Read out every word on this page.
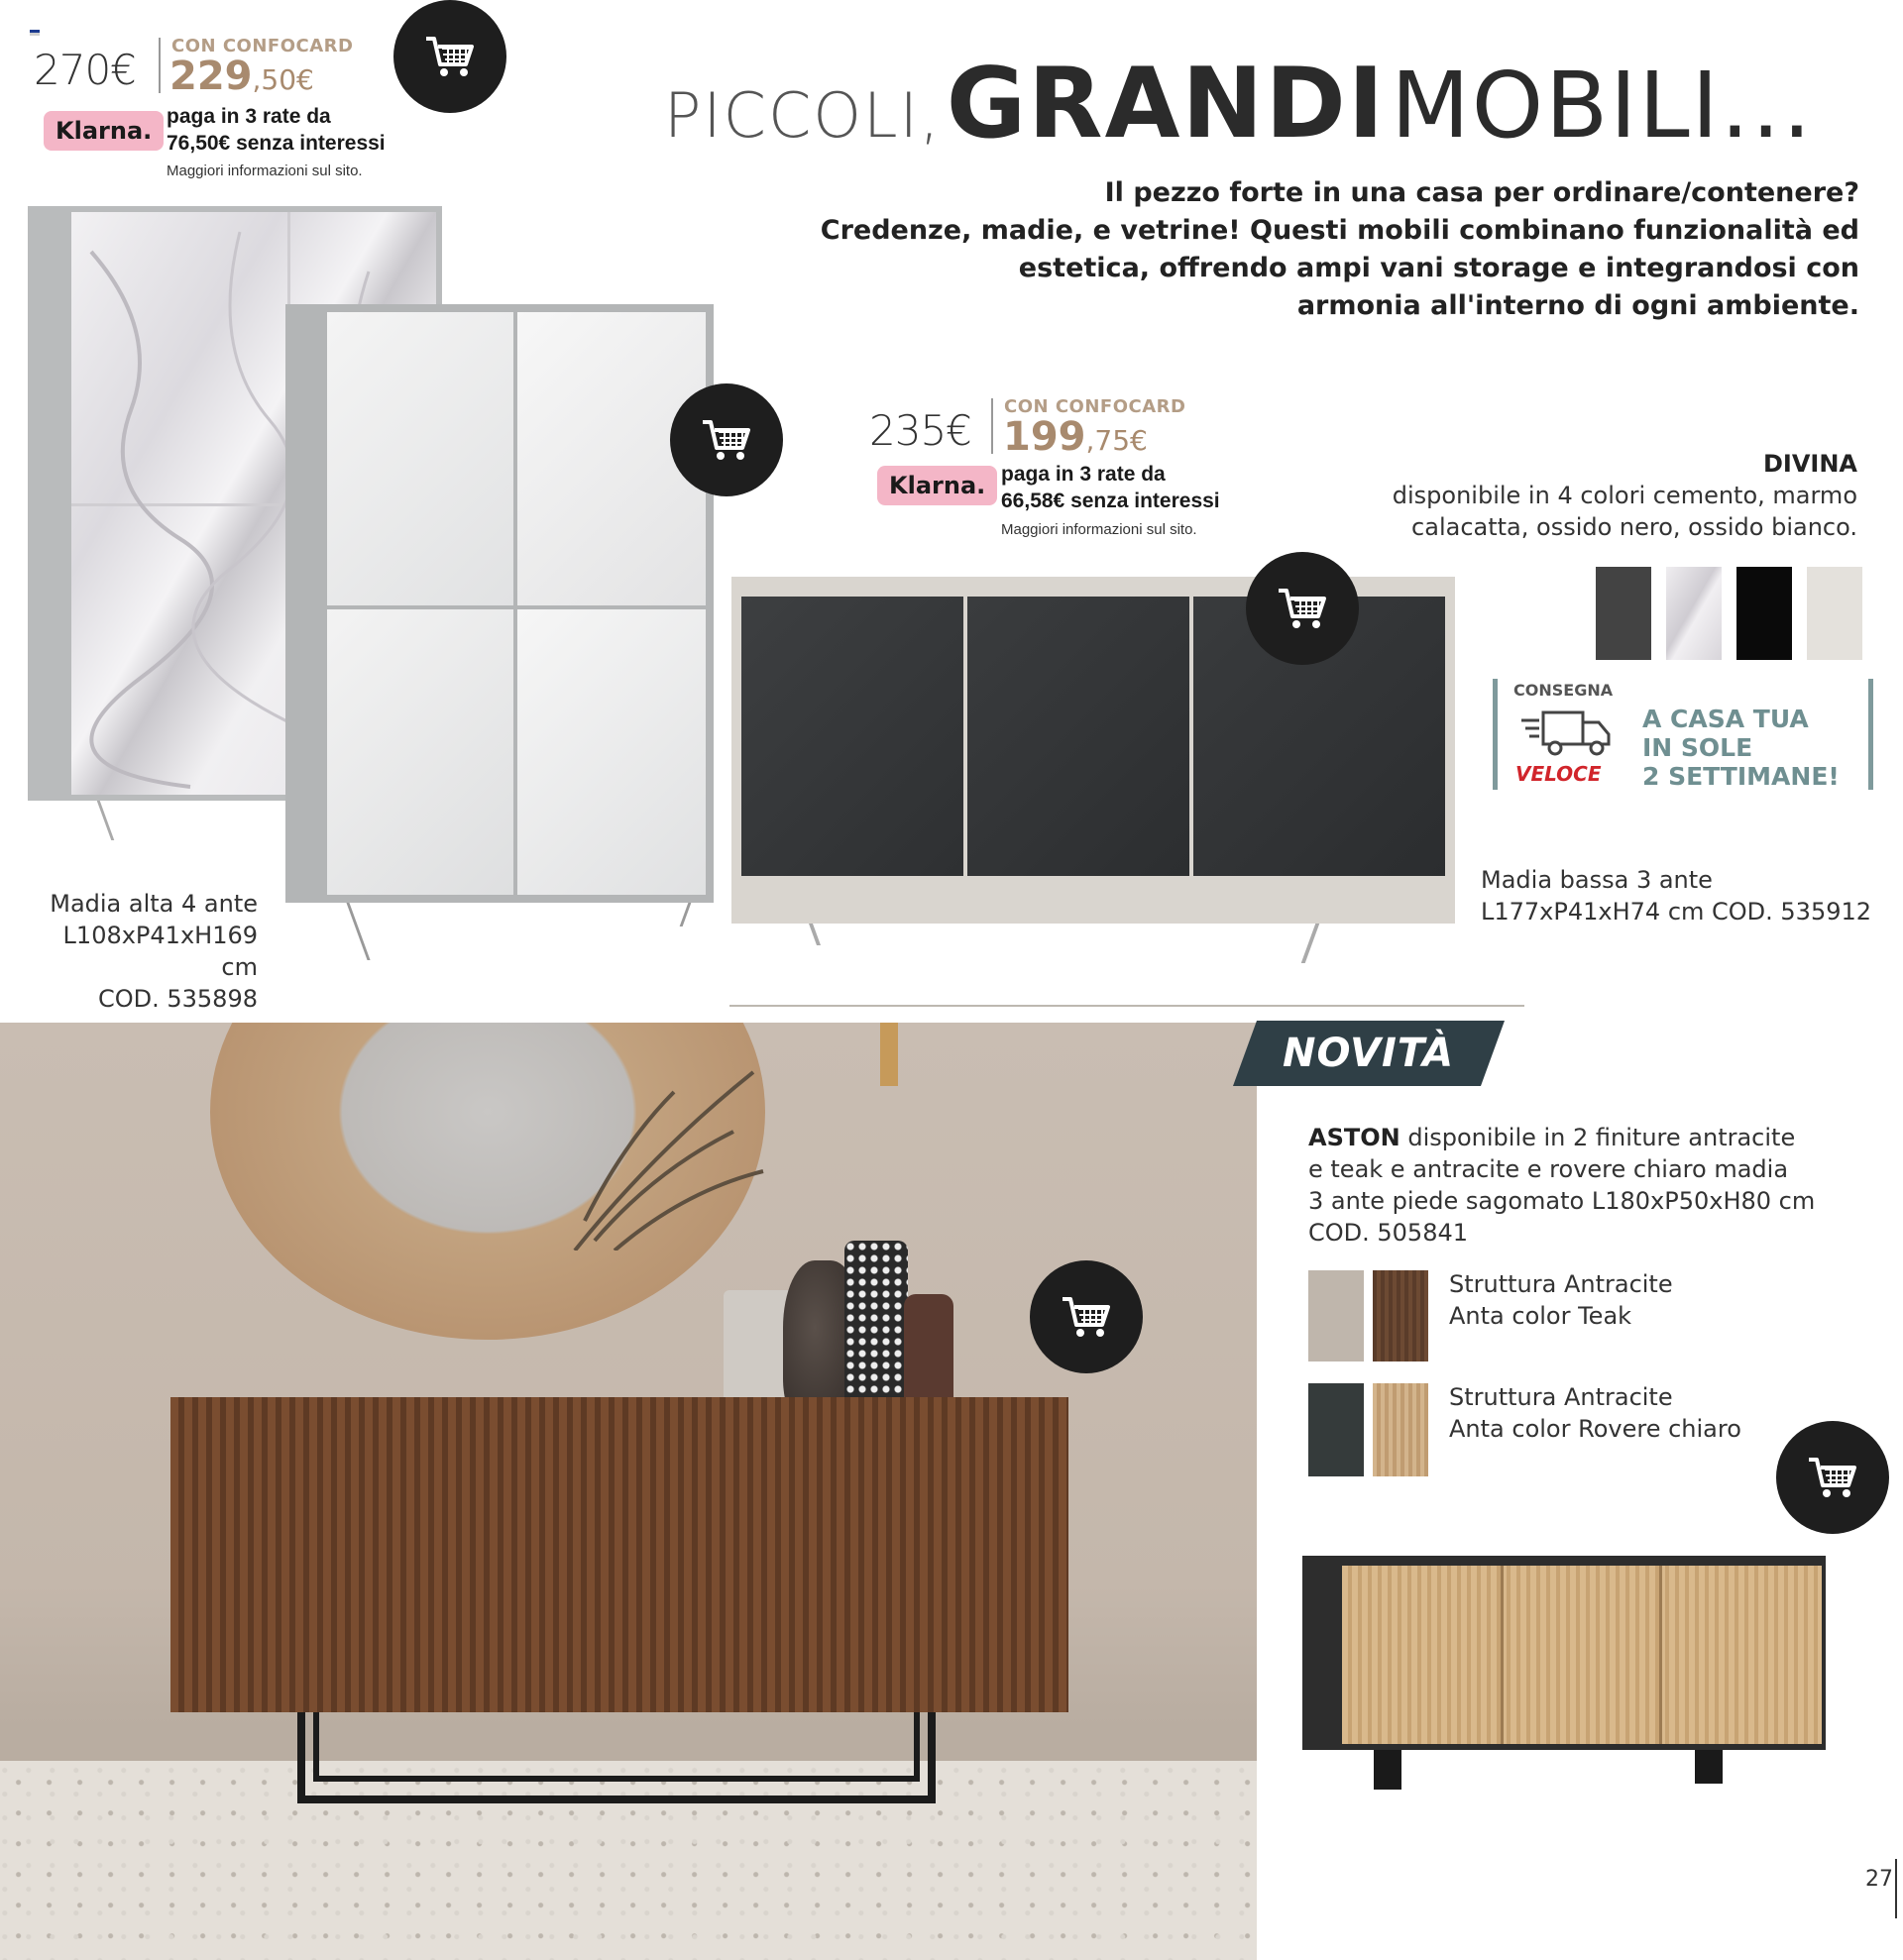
270€ CON CONFOCARD
229,50€
Klarna.
paga in 3 rate da
76,50€ senza interessi
Maggiori informazioni sul sito.
PICCOLI, GRANDI MOBILI...
Il pezzo forte in una casa per ordinare/contenere?
Credenze, madie, e vetrine! Questi mobili combinano funzionalità ed
estetica, offrendo ampi vani storage e integrandosi con
armonia all'interno di ogni ambiente.
Madia alta 4 ante
L108xP41xH169 cm
COD. 535898
235€ CON CONFOCARD
199,75€
Klarna. paga in 3 rate da
66,58€ senza interessi
Maggiori informazioni sul sito.
DIVINA
disponibile in 4 colori cemento, marmo
calacatta, ossido nero, ossido bianco.
CONSEGNA
VELOCE
A CASA TUA
IN SOLE
2 SETTIMANE!
Madia bassa 3 ante
L177xP41xH74 cm COD. 535912
NOVITÀ
ASTON disponibile in 2 finiture antracite
e teak e antracite e rovere chiaro madia
3 ante piede sagomato L180xP50xH80 cm
COD. 505841
Struttura Antracite
Anta color Teak
Struttura Antracite
Anta color Rovere chiaro
27
